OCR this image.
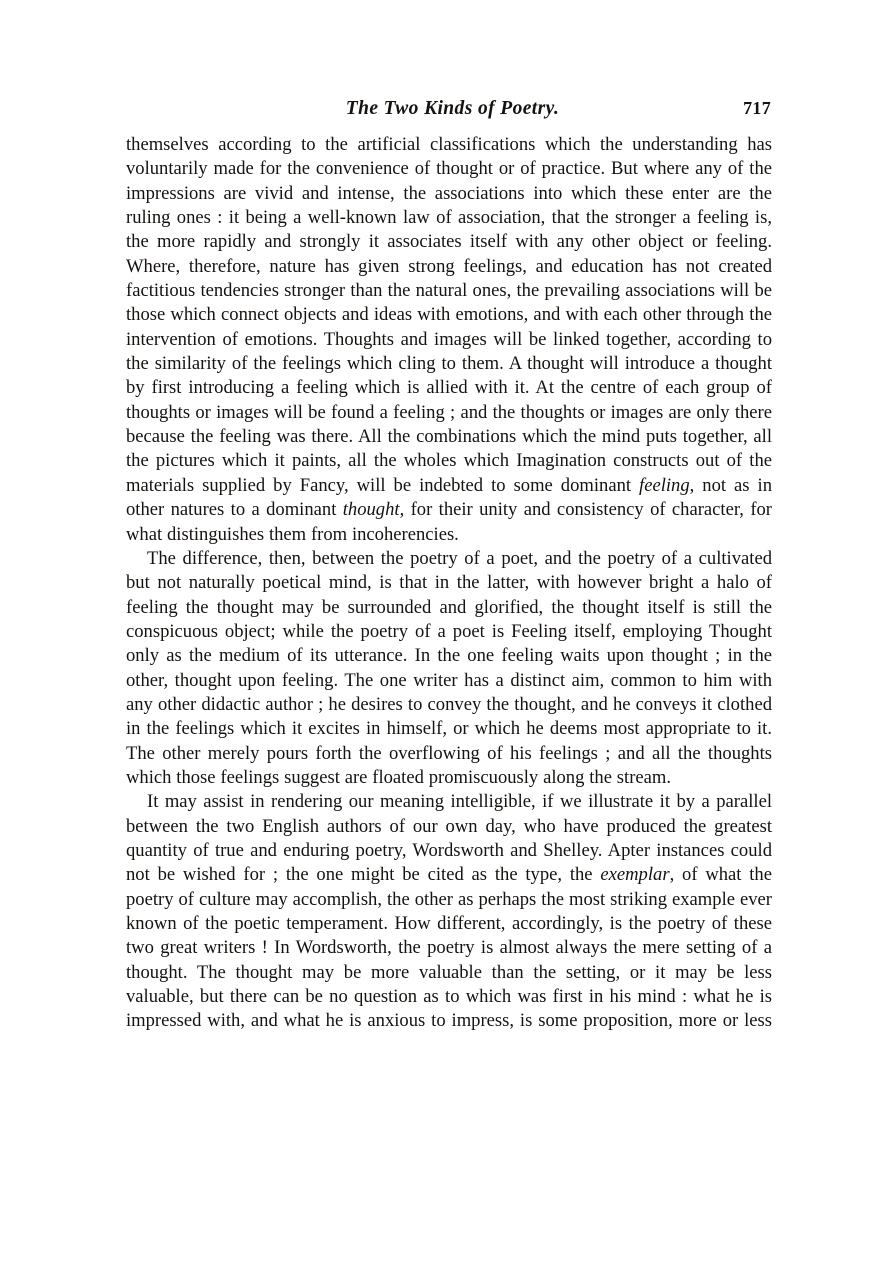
The Two Kinds of Poetry.	717

themselves according to the artificial classifications which the understanding has voluntarily made for the convenience of thought or of practice. But where any of the impressions are vivid and intense, the associations into which these enter are the ruling ones : it being a well-known law of association, that the stronger a feeling is, the more rapidly and strongly it associates itself with any other object or feeling. Where, therefore, nature has given strong feelings, and education has not created factitious tendencies stronger than the natural ones, the prevailing associations will be those which connect objects and ideas with emotions, and with each other through the intervention of emotions. Thoughts and images will be linked together, according to the similarity of the feelings which cling to them. A thought will introduce a thought by first introducing a feeling which is allied with it. At the centre of each group of thoughts or images will be found a feeling ; and the thoughts or images are only there because the feeling was there. All the combinations which the mind puts together, all the pictures which it paints, all the wholes which Imagination constructs out of the materials supplied by Fancy, will be indebted to some dominant feeling, not as in other natures to a dominant thought, for their unity and consistency of character, for what distinguishes them from incoherencies.

The difference, then, between the poetry of a poet, and the poetry of a cultivated but not naturally poetical mind, is that in the latter, with however bright a halo of feeling the thought may be surrounded and glorified, the thought itself is still the conspicuous object; while the poetry of a poet is Feeling itself, employing Thought only as the medium of its utterance. In the one feeling waits upon thought ; in the other, thought upon feeling. The one writer has a distinct aim, common to him with any other didactic author ; he desires to convey the thought, and he conveys it clothed in the feelings which it excites in himself, or which he deems most appropriate to it. The other merely pours forth the overflowing of his feelings ; and all the thoughts which those feelings suggest are floated promiscuously along the stream.

It may assist in rendering our meaning intelligible, if we illustrate it by a parallel between the two English authors of our own day, who have produced the greatest quantity of true and enduring poetry, Wordsworth and Shelley. Apter instances could not be wished for ; the one might be cited as the type, the exemplar, of what the poetry of culture may accomplish, the other as perhaps the most striking example ever known of the poetic temperament. How different, accordingly, is the poetry of these two great writers ! In Wordsworth, the poetry is almost always the mere setting of a thought. The thought may be more valuable than the setting, or it may be less valuable, but there can be no question as to which was first in his mind : what he is impressed with, and what he is anxious to impress, is some proposition, more or less
